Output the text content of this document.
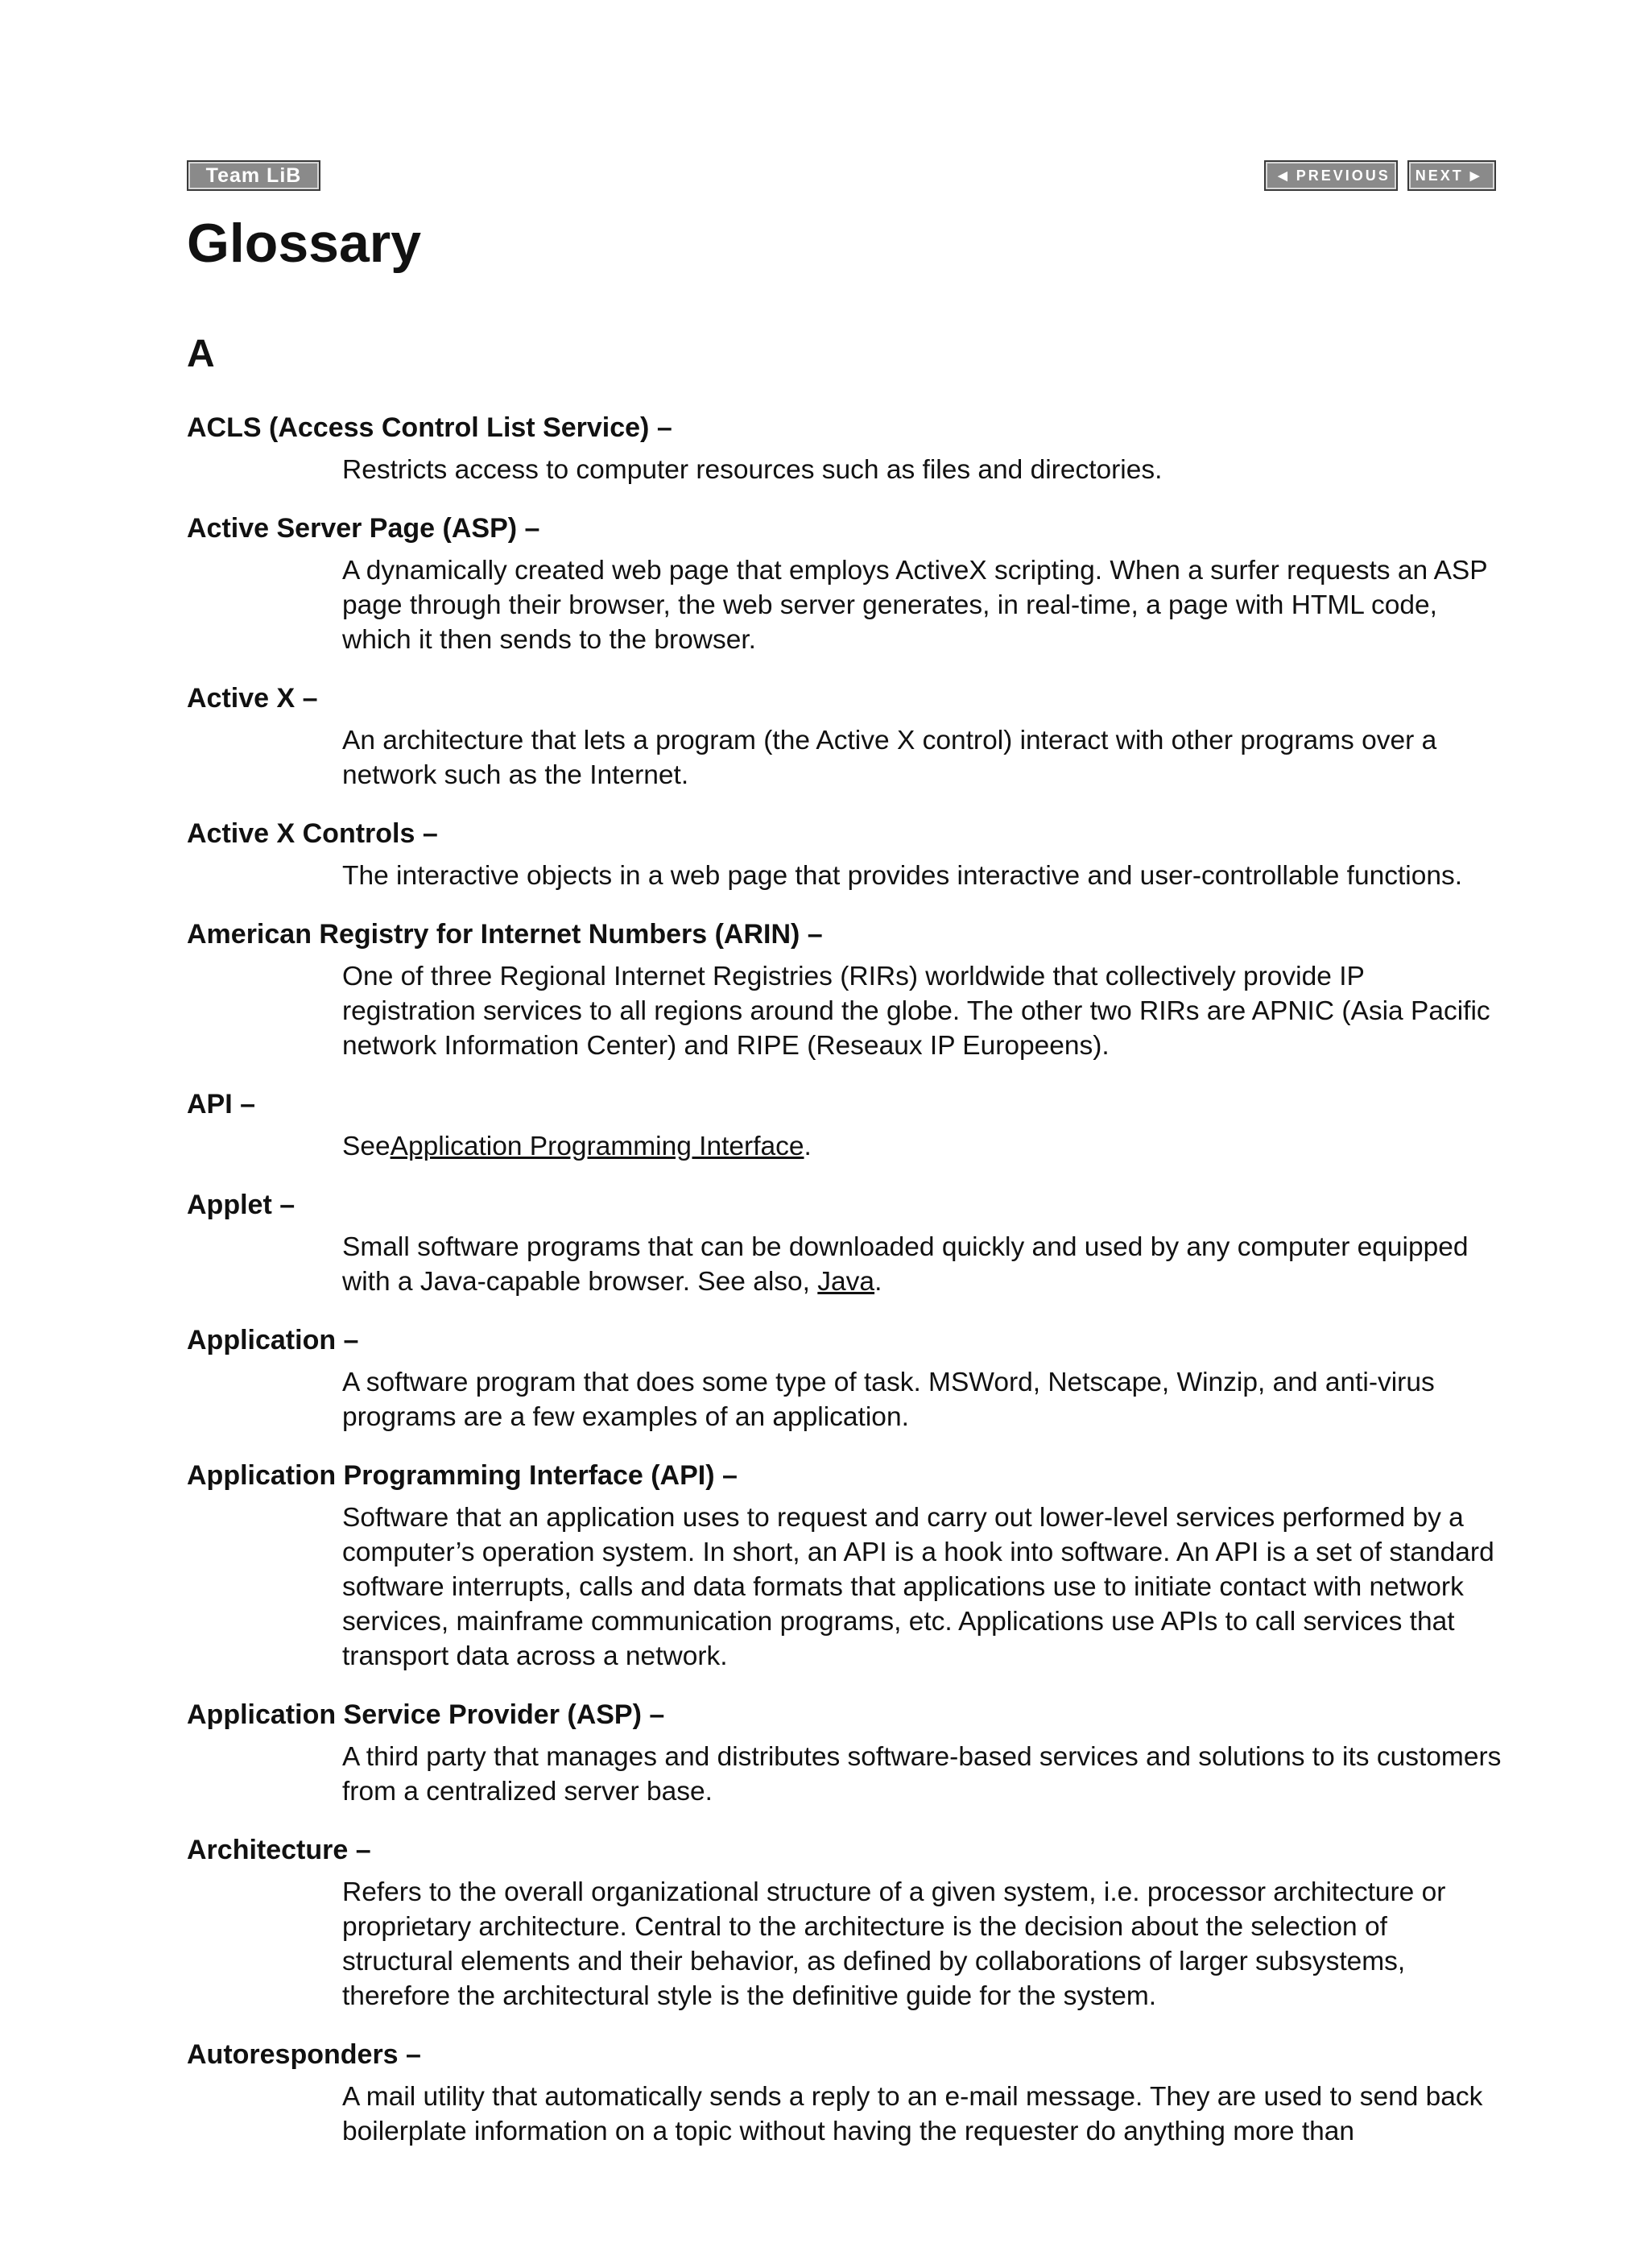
Team LiB	◀ PREVIOUS NEXT ▶
Glossary
A
ACLS (Access Control List Service) –
Restricts access to computer resources such as files and directories.
Active Server Page (ASP) –
A dynamically created web page that employs ActiveX scripting. When a surfer requests an ASP page through their browser, the web server generates, in real-time, a page with HTML code, which it then sends to the browser.
Active X –
An architecture that lets a program (the Active X control) interact with other programs over a network such as the Internet.
Active X Controls –
The interactive objects in a web page that provides interactive and user-controllable functions.
American Registry for Internet Numbers (ARIN) –
One of three Regional Internet Registries (RIRs) worldwide that collectively provide IP registration services to all regions around the globe. The other two RIRs are APNIC (Asia Pacific network Information Center) and RIPE (Reseaux IP Europeens).
API –
SeeApplication Programming Interface.
Applet –
Small software programs that can be downloaded quickly and used by any computer equipped with a Java-capable browser. See also, Java.
Application –
A software program that does some type of task. MSWord, Netscape, Winzip, and anti-virus programs are a few examples of an application.
Application Programming Interface (API) –
Software that an application uses to request and carry out lower-level services performed by a computer’s operation system. In short, an API is a hook into software. An API is a set of standard software interrupts, calls and data formats that applications use to initiate contact with network services, mainframe communication programs, etc. Applications use APIs to call services that transport data across a network.
Application Service Provider (ASP) –
A third party that manages and distributes software-based services and solutions to its customers from a centralized server base.
Architecture –
Refers to the overall organizational structure of a given system, i.e. processor architecture or proprietary architecture. Central to the architecture is the decision about the selection of structural elements and their behavior, as defined by collaborations of larger subsystems, therefore the architectural style is the definitive guide for the system.
Autoresponders –
A mail utility that automatically sends a reply to an e-mail message. They are used to send back boilerplate information on a topic without having the requester do anything more than
